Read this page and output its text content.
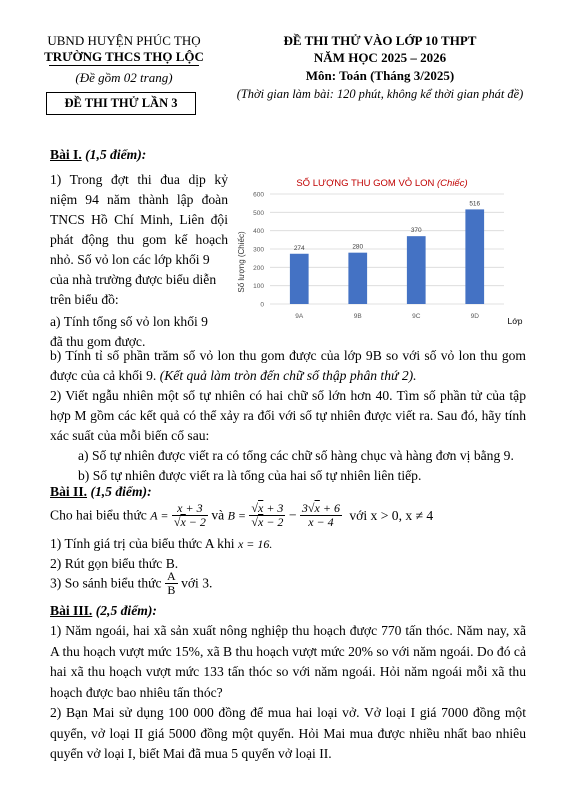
UBND HUYỆN PHÚC THỌ
TRƯỜNG THCS THỌ LỘC
(Đề gồm 02 trang)
ĐỀ THI THỬ LẦN 3
ĐỀ THI THỬ VÀO LỚP 10 THPT
NĂM HỌC 2025 – 2026
Môn: Toán (Tháng 3/2025)
(Thời gian làm bài: 120 phút, không kể thời gian phát đề)
Bài I. (1,5 điểm):
1) Trong đợt thi đua dịp kỷ
niệm 94 năm thành lập đoàn
TNCS Hồ Chí Minh, Liên đội
phát động thu gom kế hoạch
nhỏ. Số vỏ lon các lớp khối 9
của nhà trường được biểu diễn
trên biểu đồ:
a) Tính tổng số vỏ lon khối 9
đã thu gom được.
SỐ LƯỢNG THU GOM VỎ LON (Chiếc)
Số lượng (Chiếc)
Lớp
0
100
200
300
400
500
600
274
9A
280
9B
370
9C
516
9D
b) Tính tỉ số phần trăm số vỏ lon thu gom được của lớp 9B so với số vỏ lon thu gom được của cả khối 9. (Kết quả làm tròn đến chữ số thập phân thứ 2).
2) Viết ngẫu nhiên một số tự nhiên có hai chữ số lớn hơn 40. Tìm số phần tử của tập hợp M gồm các kết quả có thể xảy ra đối với số tự nhiên được viết ra. Sau đó, hãy tính xác suất của mỗi biến cố sau:
a) Số tự nhiên được viết ra có tổng các chữ số hàng chục và hàng đơn vị bằng 9.
b) Số tự nhiên được viết ra là tổng của hai số tự nhiên liên tiếp.
Bài II. (1,5 điểm):
Cho hai biểu thức $A = \frac{x + 3}{√x - 2}$ và $B = \frac{√x + 3}{√x - 2} - \frac{3√x + 6}{x - 4}$ với x > 0, x ≠ 4
1) Tính giá trị của biểu thức A khi x = 16.
2) Rút gọn biểu thức B.
3) So sánh biểu thức $\frac{A}{B}$ với 3.
Bài III. (2,5 điểm):
1) Năm ngoái, hai xã sản xuất nông nghiệp thu hoạch được 770 tấn thóc. Năm nay, xã A thu hoạch vượt mức 15%, xã B thu hoạch vượt mức 20% so với năm ngoái. Do đó cả hai xã thu hoạch vượt mức 133 tấn thóc so với năm ngoái. Hỏi năm ngoái mỗi xã thu hoạch được bao nhiêu tấn thóc?
2) Bạn Mai sử dụng 100 000 đồng để mua hai loại vở. Vở loại I giá 7000 đồng một quyển, vở loại II giá 5000 đồng một quyển. Hỏi Mai mua được nhiều nhất bao nhiêu quyển vở loại I, biết Mai đã mua 5 quyển vở loại II.
